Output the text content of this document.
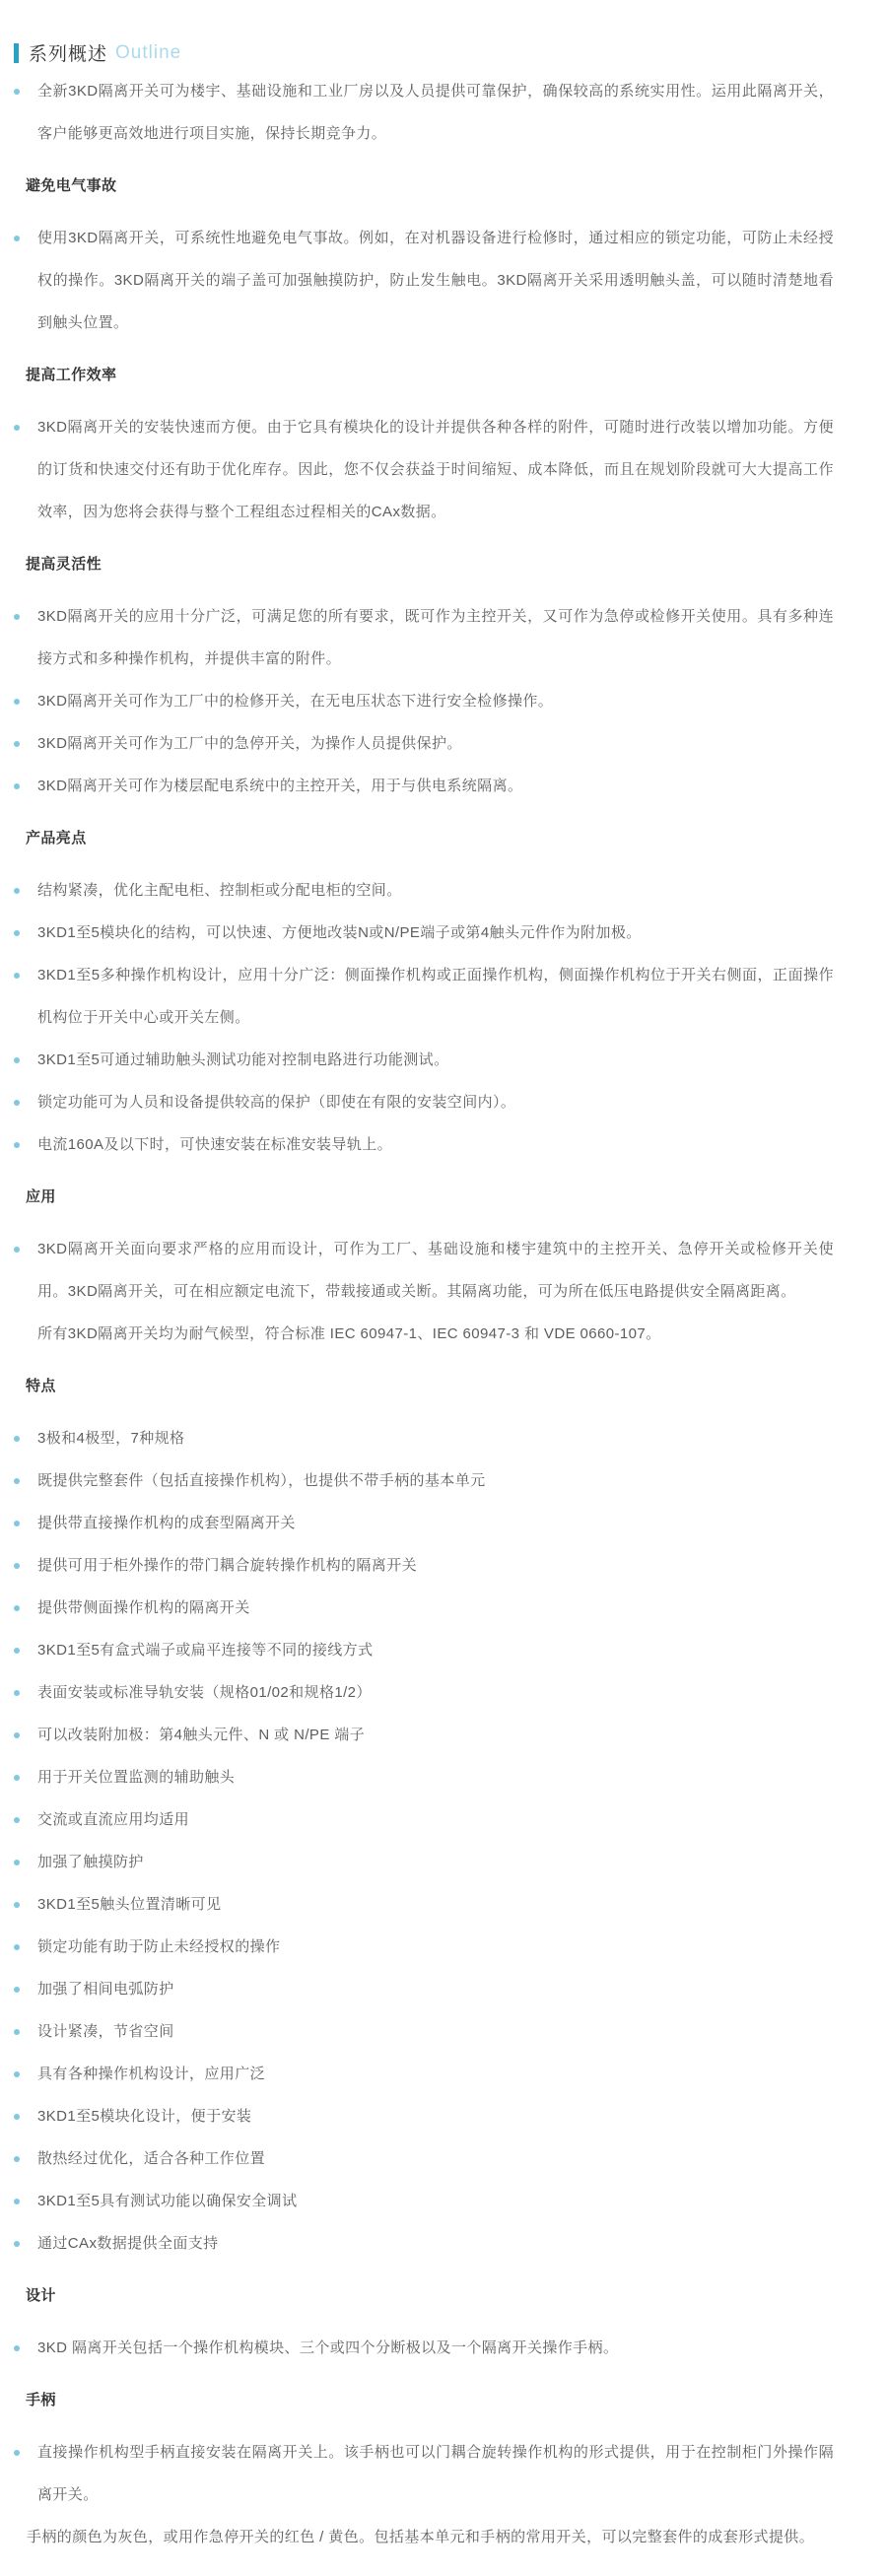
系列概述 Outline
全新3KD隔离开关可为楼宇、基础设施和工业厂房以及人员提供可靠保护，确保较高的系统实用性。运用此隔离开关，客户能够更高效地进行项目实施，保持长期竞争力。
避免电气事故
使用3KD隔离开关，可系统性地避免电气事故。例如，在对机器设备进行检修时，通过相应的锁定功能，可防止未经授权的操作。3KD隔离开关的端子盖可加强触摸防护，防止发生触电。3KD隔离开关采用透明触头盖，可以随时清楚地看到触头位置。
提高工作效率
3KD隔离开关的安装快速而方便。由于它具有模块化的设计并提供各种各样的附件，可随时进行改装以增加功能。方便的订货和快速交付还有助于优化库存。因此，您不仅会获益于时间缩短、成本降低，而且在规划阶段就可大大提高工作效率，因为您将会获得与整个工程组态过程相关的CAx数据。
提高灵活性
3KD隔离开关的应用十分广泛，可满足您的所有要求，既可作为主控开关，又可作为急停或检修开关使用。具有多种连接方式和多种操作机构，并提供丰富的附件。
3KD隔离开关可作为工厂中的检修开关，在无电压状态下进行安全检修操作。
3KD隔离开关可作为工厂中的急停开关，为操作人员提供保护。
3KD隔离开关可作为楼层配电系统中的主控开关，用于与供电系统隔离。
产品亮点
结构紧凑，优化主配电柜、控制柜或分配电柜的空间。
3KD1至5模块化的结构，可以快速、方便地改装N或N/PE端子或第4触头元件作为附加极。
3KD1至5多种操作机构设计，应用十分广泛：侧面操作机构或正面操作机构，侧面操作机构位于开关右侧面，正面操作机构位于开关中心或开关左侧。
3KD1至5可通过辅助触头测试功能对控制电路进行功能测试。
锁定功能可为人员和设备提供较高的保护（即使在有限的安装空间内）。
电流160A及以下时，可快速安装在标准安装导轨上。
应用
3KD隔离开关面向要求严格的应用而设计，可作为工厂、基础设施和楼宇建筑中的主控开关、急停开关或检修开关使用。3KD隔离开关，可在相应额定电流下，带载接通或关断。其隔离功能，可为所在低压电路提供安全隔离距离。
所有3KD隔离开关均为耐气候型，符合标准 IEC 60947-1、IEC 60947-3 和 VDE 0660-107。
特点
3极和4极型，7种规格
既提供完整套件（包括直接操作机构），也提供不带手柄的基本单元
提供带直接操作机构的成套型隔离开关
提供可用于柜外操作的带门耦合旋转操作机构的隔离开关
提供带侧面操作机构的隔离开关
3KD1至5有盒式端子或扁平连接等不同的接线方式
表面安装或标准导轨安装（规格01/02和规格1/2）
可以改装附加极：第4触头元件、N 或 N/PE 端子
用于开关位置监测的辅助触头
交流或直流应用均适用
加强了触摸防护
3KD1至5触头位置清晰可见
锁定功能有助于防止未经授权的操作
加强了相间电弧防护
设计紧凑，节省空间
具有各种操作机构设计，应用广泛
3KD1至5模块化设计，便于安装
散热经过优化，适合各种工作位置
3KD1至5具有测试功能以确保安全调试
通过CAx数据提供全面支持
设计
3KD 隔离开关包括一个操作机构模块、三个或四个分断极以及一个隔离开关操作手柄。
手柄
直接操作机构型手柄直接安装在隔离开关上。该手柄也可以门耦合旋转操作机构的形式提供，用于在控制柜门外操作隔离开关。

手柄的颜色为灰色，或用作急停开关的红色 / 黄色。包括基本单元和手柄的常用开关，可以完整套件的成套形式提供。
